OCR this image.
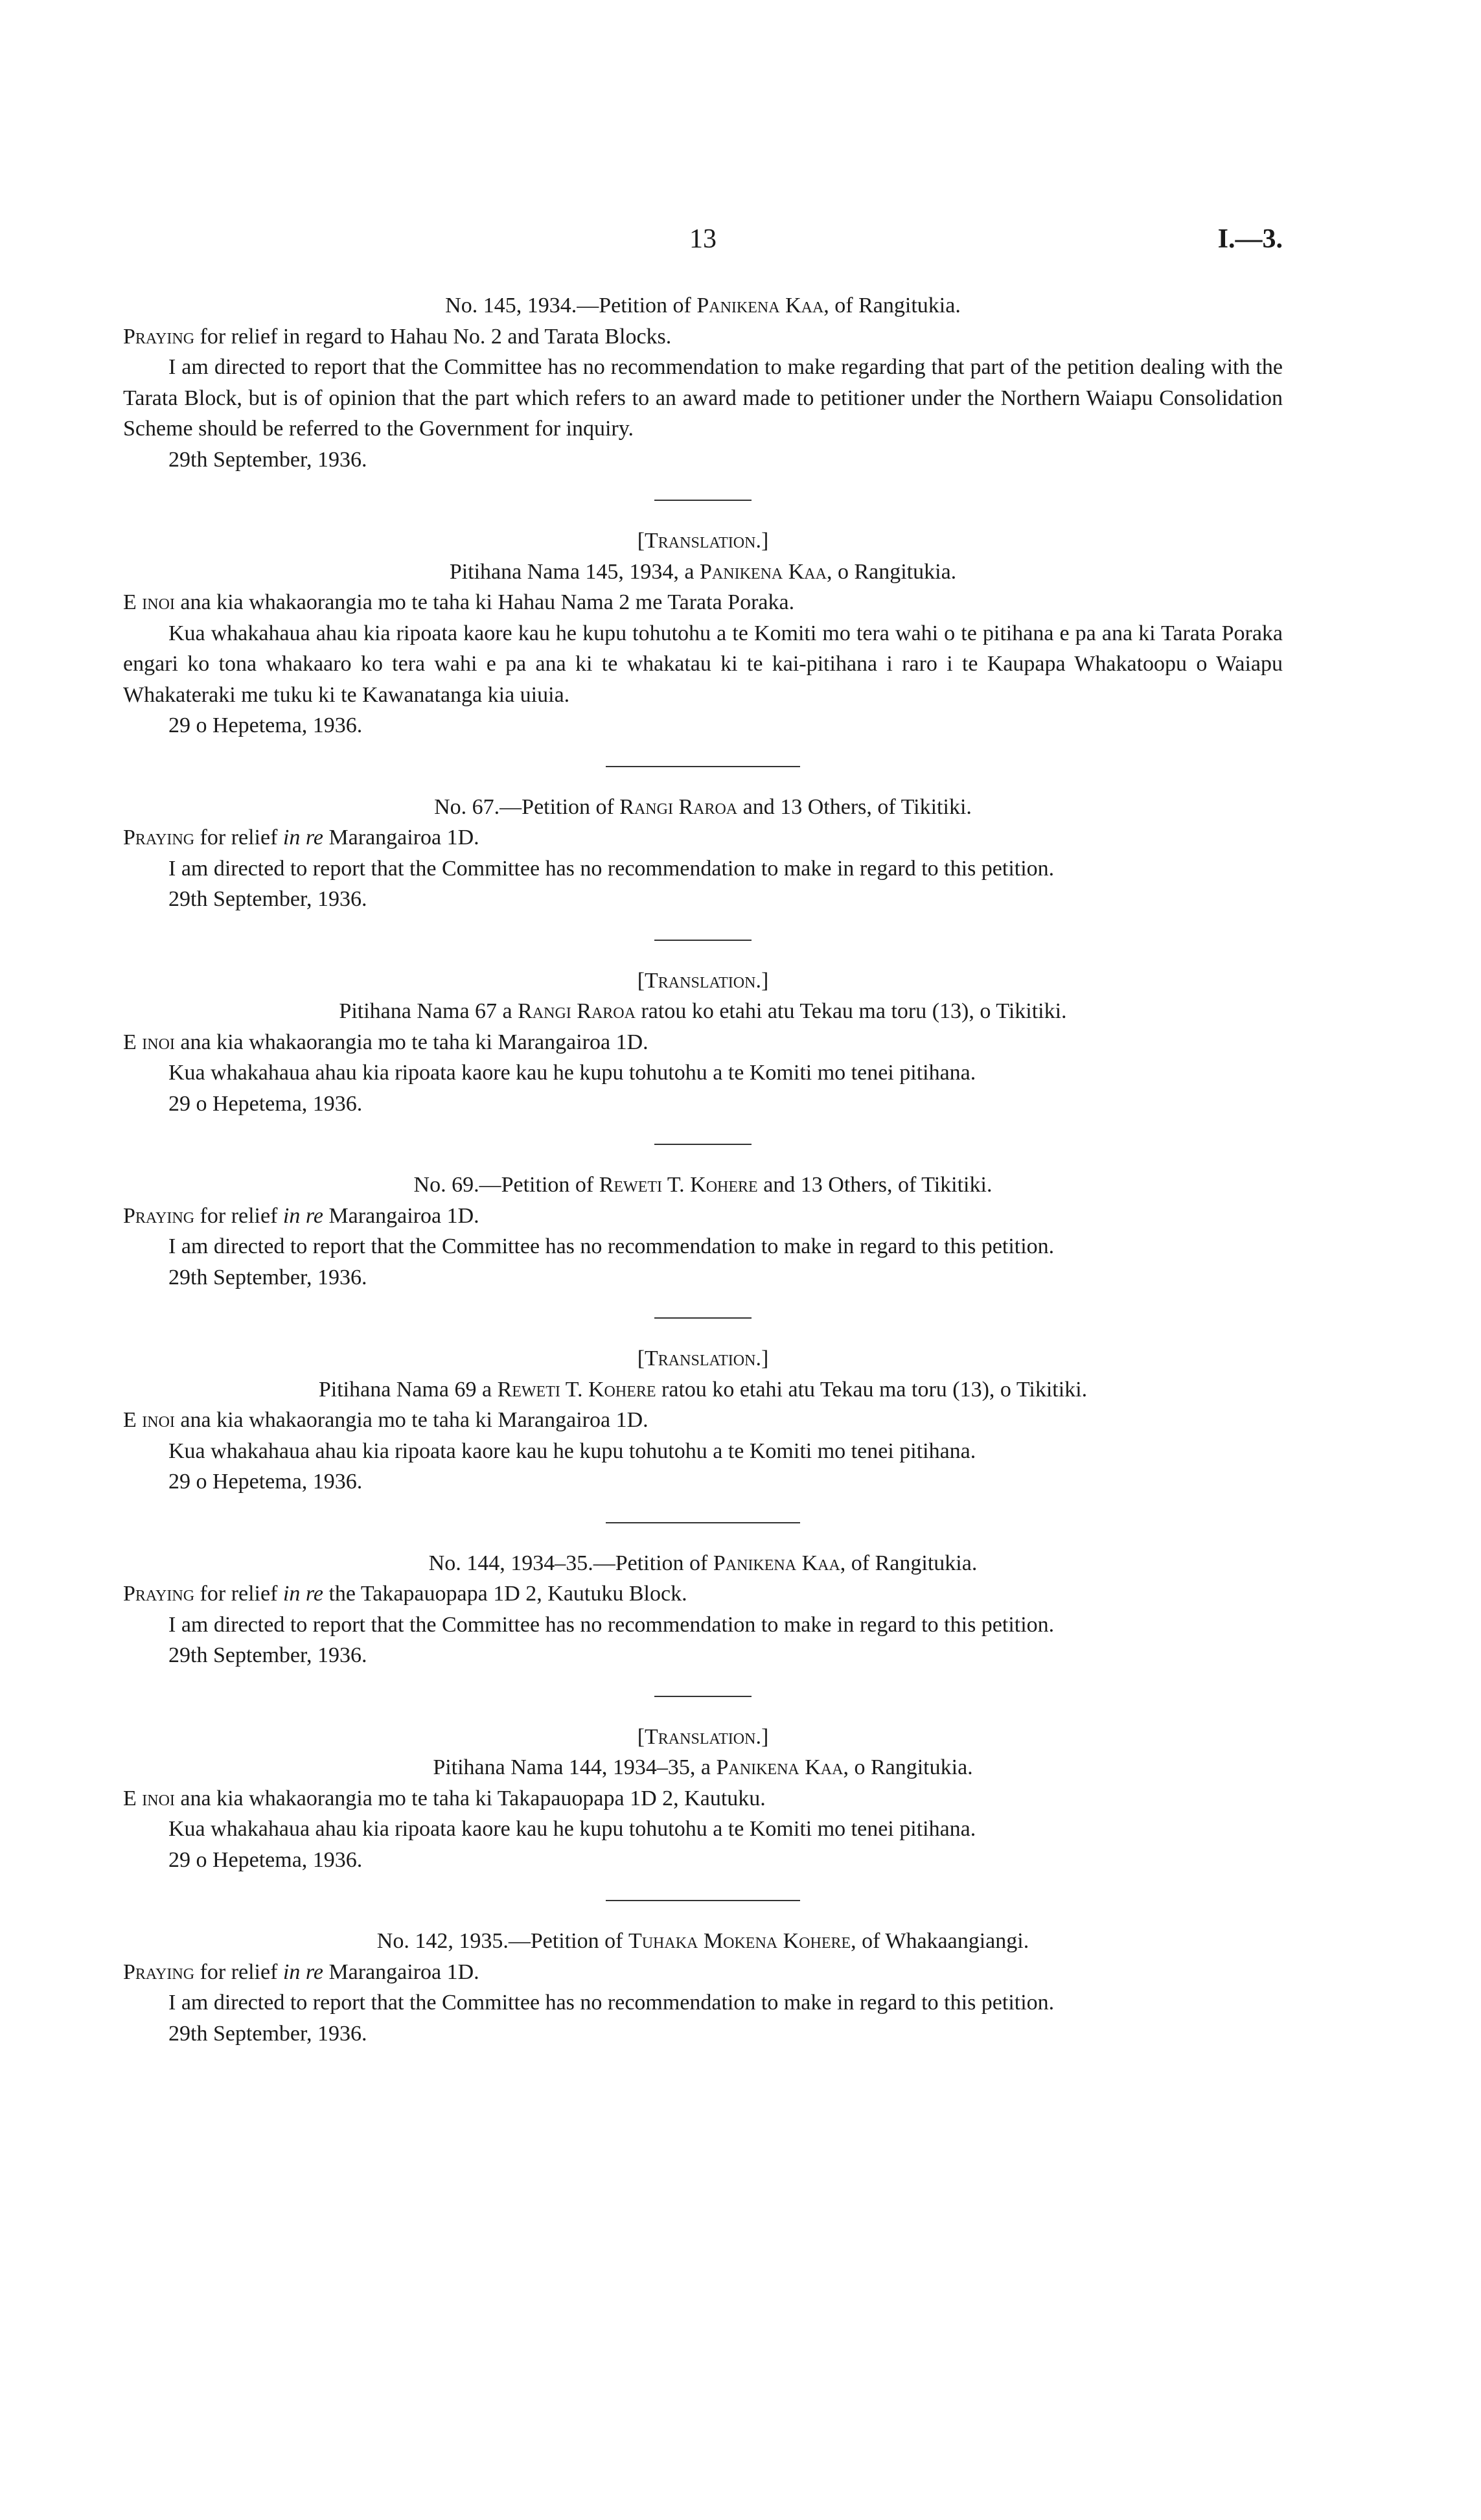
13	I.—3.

No. 145, 1934.—Petition of Panikena Kaa, of Rangitukia.

Praying for relief in regard to Hahau No. 2 and Tarata Blocks.

I am directed to report that the Committee has no recommendation to make regarding that part of the petition dealing with the Tarata Block, but is of opinion that the part which refers to an award made to petitioner under the Northern Waiapu Consolidation Scheme should be referred to the Government for inquiry.

29th September, 1936.

[Translation.]

Pitihana Nama 145, 1934, a Panikena Kaa, o Rangitukia.

E inoi ana kia whakaorangia mo te taha ki Hahau Nama 2 me Tarata Poraka.

Kua whakahaua ahau kia ripoata kaore kau he kupu tohutohu a te Komiti mo tera wahi o te pitihana e pa ana ki Tarata Poraka engari ko tona whakaaro ko tera wahi e pa ana ki te whakatau ki te kai-pitihana i raro i te Kaupapa Whakatoopu o Waiapu Whakateraki me tuku ki te Kawanatanga kia uiuia.

29 o Hepetema, 1936.

No. 67.—Petition of Rangi Raroa and 13 Others, of Tikitiki.

Praying for relief in re Marangairoa 1D.

I am directed to report that the Committee has no recommendation to make in regard to this petition.

29th September, 1936.

[Translation.]

Pitihana Nama 67 a Rangi Raroa ratou ko etahi atu Tekau ma toru (13), o Tikitiki.

E inoi ana kia whakaorangia mo te taha ki Marangairoa 1D.

Kua whakahaua ahau kia ripoata kaore kau he kupu tohutohu a te Komiti mo tenei pitihana.

29 o Hepetema, 1936.

No. 69.—Petition of Reweti T. Kohere and 13 Others, of Tikitiki.

Praying for relief in re Marangairoa 1D.

I am directed to report that the Committee has no recommendation to make in regard to this petition.

29th September, 1936.

[Translation.]

Pitihana Nama 69 a Reweti T. Kohere ratou ko etahi atu Tekau ma toru (13), o Tikitiki.

E inoi ana kia whakaorangia mo te taha ki Marangairoa 1D.

Kua whakahaua ahau kia ripoata kaore kau he kupu tohutohu a te Komiti mo tenei pitihana.

29 o Hepetema, 1936.

No. 144, 1934–35.—Petition of Panikena Kaa, of Rangitukia.

Praying for relief in re the Takapauopapa 1D 2, Kautuku Block.

I am directed to report that the Committee has no recommendation to make in regard to this petition.

29th September, 1936.

[Translation.]

Pitihana Nama 144, 1934–35, a Panikena Kaa, o Rangitukia.

E inoi ana kia whakaorangia mo te taha ki Takapauopapa 1D 2, Kautuku.

Kua whakahaua ahau kia ripoata kaore kau he kupu tohutohu a te Komiti mo tenei pitihana.

29 o Hepetema, 1936.

No. 142, 1935.—Petition of Tuhaka Mokena Kohere, of Whakaangiangi.

Praying for relief in re Marangairoa 1D.

I am directed to report that the Committee has no recommendation to make in regard to this petition.

29th September, 1936.
